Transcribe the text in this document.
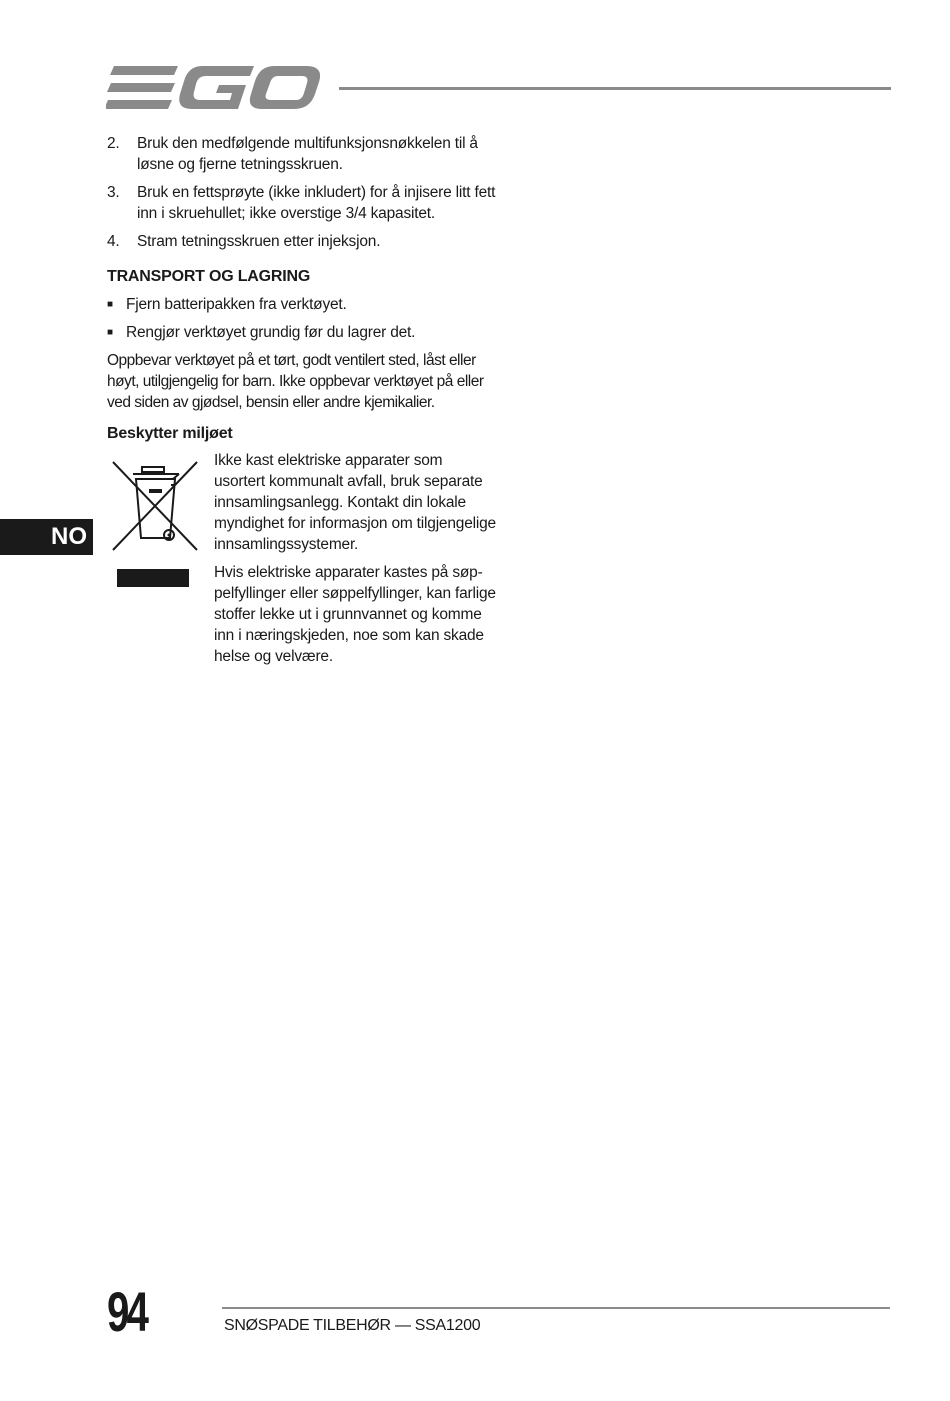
NO
2.	Bruk den medfølgende multifunksjonsnøkkelen til å løsne og fjerne tetningsskruen.
3.	Bruk en fettsprøyte (ikke inkludert) for å injisere litt fett inn i skruehullet; ikke overstige 3/4 kapasitet.
4.	Stram tetningsskruen etter injeksjon.
TRANSPORT OG LAGRING
■ Fjern batteripakken fra verktøyet.
■ Rengjør verktøyet grundig før du lagrer det.

Oppbevar verktøyet på et tørt, godt ventilert sted, låst eller høyt, utilgjengelig for barn. Ikke oppbevar verktøyet på eller ved siden av gjødsel, bensin eller andre kjemikalier.

Beskytter miljøet

Ikke kast elektriske apparater som usortert kommunalt avfall, bruk separate innsamlingsanlegg. Kontakt din lokale myndighet for informasjon om tilgjengelige innsamlingssystemer.

Hvis elektriske apparater kastes på søp-pelfyllinger eller søppelfyllinger, kan farlige stoffer lekke ut i grunnvannet og komme inn i næringskjeden, noe som kan skade helse og velvære.

94	SNØSPADE TILBEHØR — SSA1200
